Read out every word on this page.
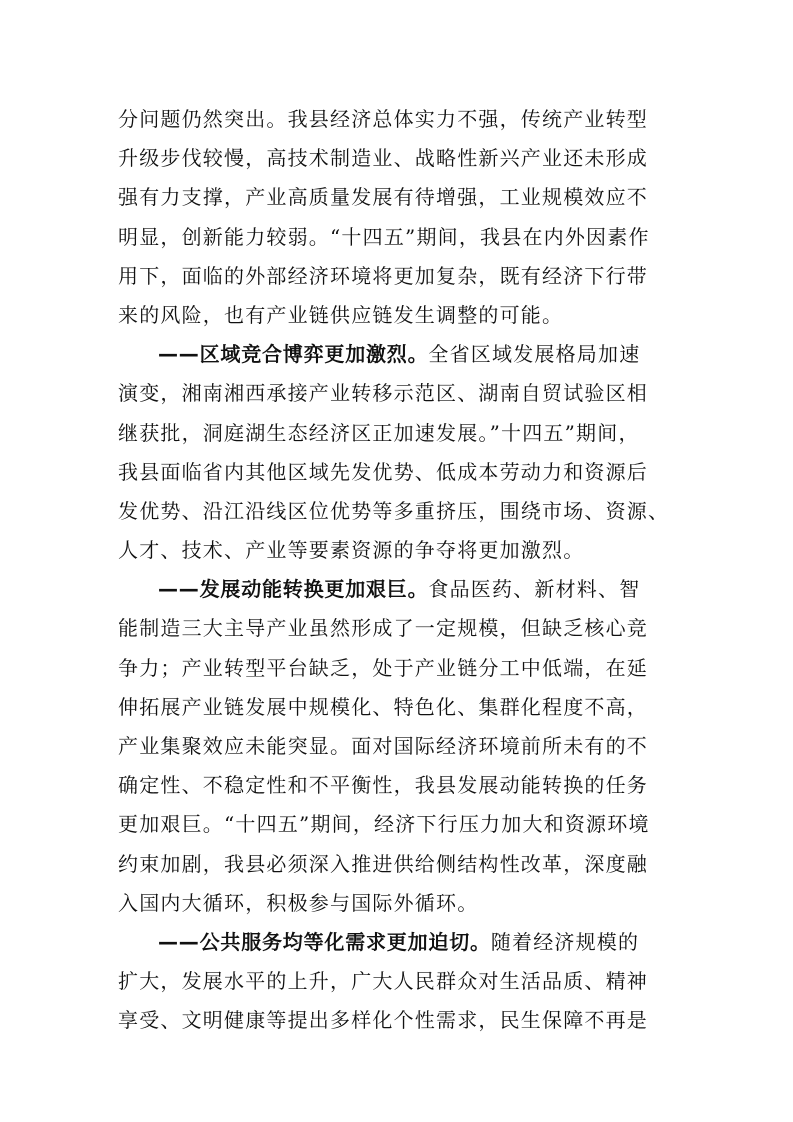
分问题仍然突出。我县经济总体实力不强，传统产业转型
升级步伐较慢，高技术制造业、战略性新兴产业还未形成
强有力支撑，产业高质量发展有待增强，工业规模效应不
明显，创新能力较弱。“十四五”期间，我县在内外因素作
用下，面临的外部经济环境将更加复杂，既有经济下行带
来的风险，也有产业链供应链发生调整的可能。
——区域竞合博弈更加激烈。全省区域发展格局加速
演变，湘南湘西承接产业转移示范区、湖南自贸试验区相
继获批，洞庭湖生态经济区正加速发展。”十四五”期间，
我县面临省内其他区域先发优势、低成本劳动力和资源后
发优势、沿江沿线区位优势等多重挤压，围绕市场、资源、
人才、技术、产业等要素资源的争夺将更加激烈。
——发展动能转换更加艰巨。食品医药、新材料、智
能制造三大主导产业虽然形成了一定规模，但缺乏核心竞
争力；产业转型平台缺乏，处于产业链分工中低端，在延
伸拓展产业链发展中规模化、特色化、集群化程度不高，
产业集聚效应未能突显。面对国际经济环境前所未有的不
确定性、不稳定性和不平衡性，我县发展动能转换的任务
更加艰巨。“十四五”期间，经济下行压力加大和资源环境
约束加剧，我县必须深入推进供给侧结构性改革，深度融
入国内大循环，积极参与国际外循环。
——公共服务均等化需求更加迫切。随着经济规模的
扩大，发展水平的上升，广大人民群众对生活品质、精神
享受、文明健康等提出多样化个性需求，民生保障不再是
